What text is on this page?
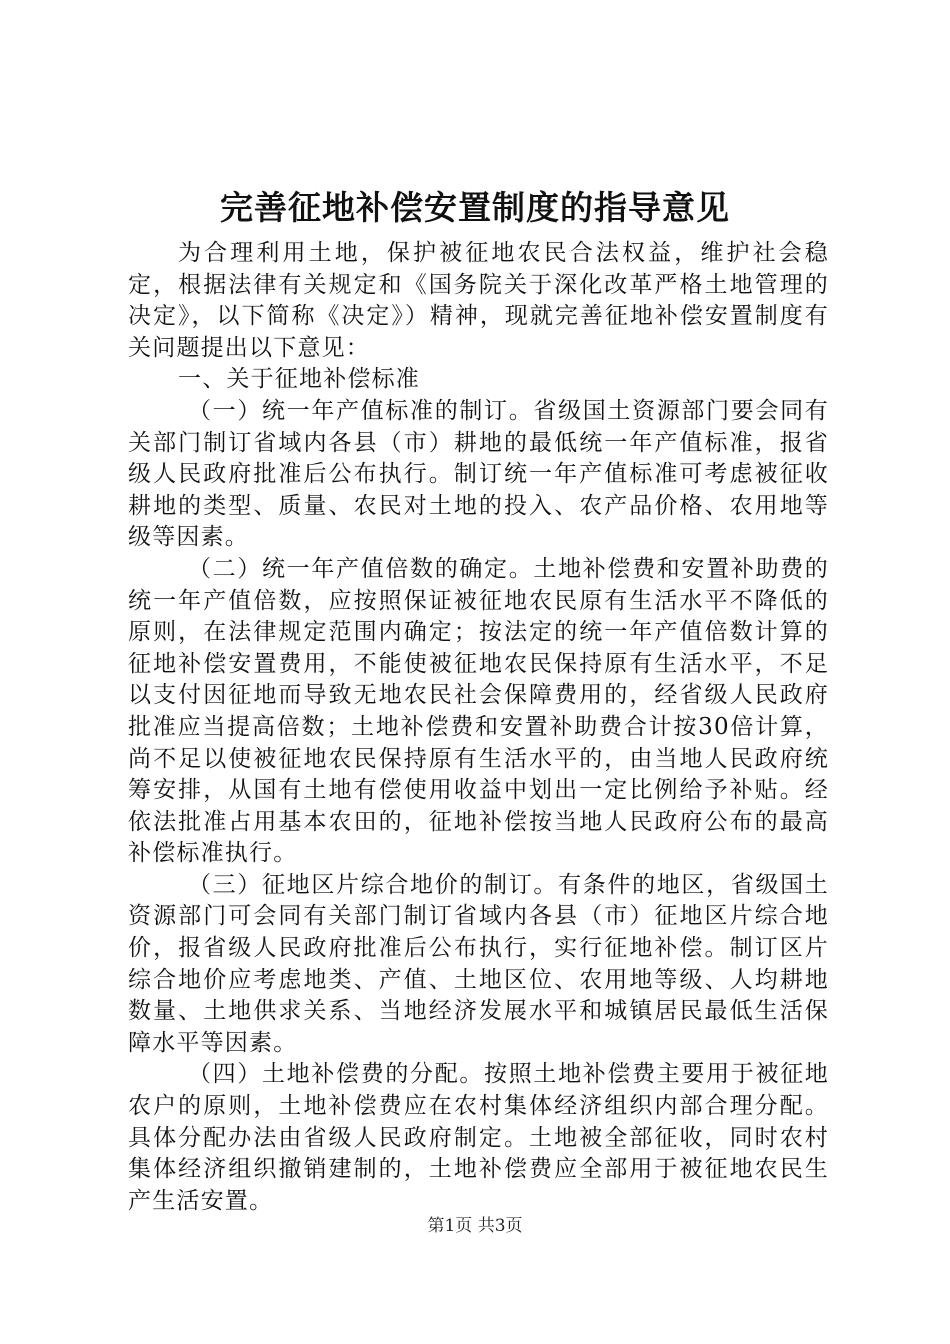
完善征地补偿安置制度的指导意见

为合理利用土地，保护被征地农民合法权益，维护社会稳定，根据法律有关规定和《国务院关于深化改革严格土地管理的决定》，以下简称《决定》）精神，现就完善征地补偿安置制度有关问题提出以下意见：

一、关于征地补偿标准

（一）统一年产值标准的制订。省级国土资源部门要会同有关部门制订省域内各县（市）耕地的最低统一年产值标准，报省级人民政府批准后公布执行。制订统一年产值标准可考虑被征收耕地的类型、质量、农民对土地的投入、农产品价格、农用地等级等因素。

（二）统一年产值倍数的确定。土地补偿费和安置补助费的统一年产值倍数，应按照保证被征地农民原有生活水平不降低的原则，在法律规定范围内确定；按法定的统一年产值倍数计算的征地补偿安置费用，不能使被征地农民保持原有生活水平，不足以支付因征地而导致无地农民社会保障费用的，经省级人民政府批准应当提高倍数；土地补偿费和安置补助费合计按30倍计算，尚不足以使被征地农民保持原有生活水平的，由当地人民政府统筹安排，从国有土地有偿使用收益中划出一定比例给予补贴。经依法批准占用基本农田的，征地补偿按当地人民政府公布的最高补偿标准执行。

（三）征地区片综合地价的制订。有条件的地区，省级国土资源部门可会同有关部门制订省域内各县（市）征地区片综合地价，报省级人民政府批准后公布执行，实行征地补偿。制订区片综合地价应考虑地类、产值、土地区位、农用地等级、人均耕地数量、土地供求关系、当地经济发展水平和城镇居民最低生活保障水平等因素。

（四）土地补偿费的分配。按照土地补偿费主要用于被征地农户的原则，土地补偿费应在农村集体经济组织内部合理分配。具体分配办法由省级人民政府制定。土地被全部征收，同时农村集体经济组织撤销建制的，土地补偿费应全部用于被征地农民生产生活安置。

第1页 共3页
